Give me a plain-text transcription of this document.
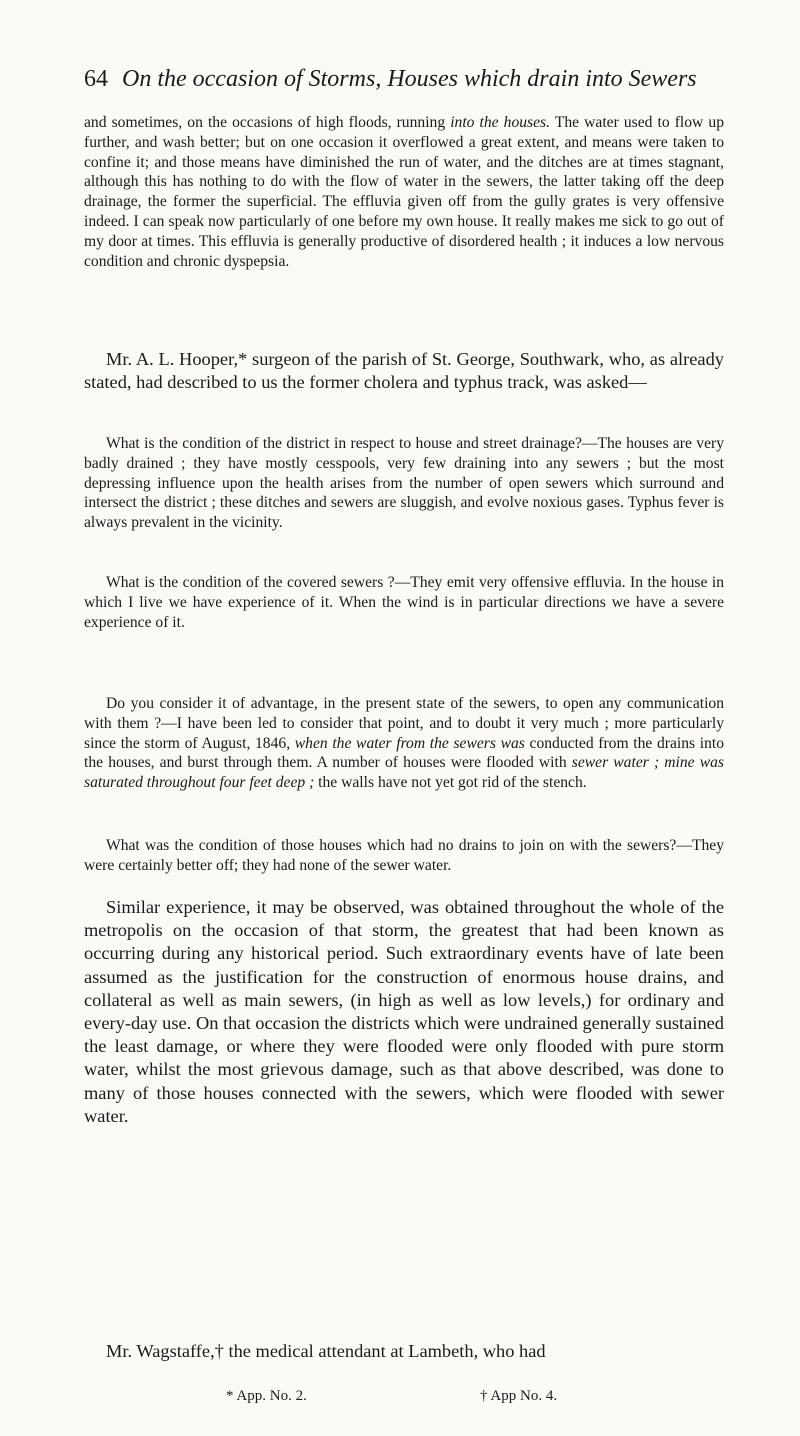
64 On the occasion of Storms, Houses which drain into Sewers

and sometimes, on the occasions of high floods, running into the houses. The water used to flow up further, and wash better; but on one occasion it overflowed a great extent, and means were taken to confine it; and those means have diminished the run of water, and the ditches are at times stagnant, although this has nothing to do with the flow of water in the sewers, the latter taking off the deep drainage, the former the superficial. The effluvia given off from the gully grates is very offensive indeed. I can speak now particularly of one before my own house. It really makes me sick to go out of my door at times. This effluvia is generally productive of disordered health ; it induces a low nervous condition and chronic dyspepsia.

Mr. A. L. Hooper,* surgeon of the parish of St. George, Southwark, who, as already stated, had described to us the former cholera and typhus track, was asked—

What is the condition of the district in respect to house and street drainage?—The houses are very badly drained ; they have mostly cesspools, very few draining into any sewers ; but the most depressing influence upon the health arises from the number of open sewers which surround and intersect the district ; these ditches and sewers are sluggish, and evolve noxious gases. Typhus fever is always prevalent in the vicinity.

What is the condition of the covered sewers ?—They emit very offensive effluvia. In the house in which I live we have experience of it. When the wind is in particular directions we have a severe experience of it.

Do you consider it of advantage, in the present state of the sewers, to open any communication with them ?—I have been led to consider that point, and to doubt it very much ; more particularly since the storm of August, 1846, when the water from the sewers was conducted from the drains into the houses, and burst through them. A number of houses were flooded with sewer water ; mine was saturated throughout four feet deep ; the walls have not yet got rid of the stench.

What was the condition of those houses which had no drains to join on with the sewers?—They were certainly better off; they had none of the sewer water.

Similar experience, it may be observed, was obtained throughout the whole of the metropolis on the occasion of that storm, the greatest that had been known as occurring during any historical period. Such extraordinary events have of late been assumed as the justification for the construction of enormous house drains, and collateral as well as main sewers, (in high as well as low levels,) for ordinary and every-day use. On that occasion the districts which were undrained generally sustained the least damage, or where they were flooded were only flooded with pure storm water, whilst the most grievous damage, such as that above described, was done to many of those houses connected with the sewers, which were flooded with sewer water.

Mr. Wagstaffe,† the medical attendant at Lambeth, who had

* App. No. 2.	† App No. 4.
